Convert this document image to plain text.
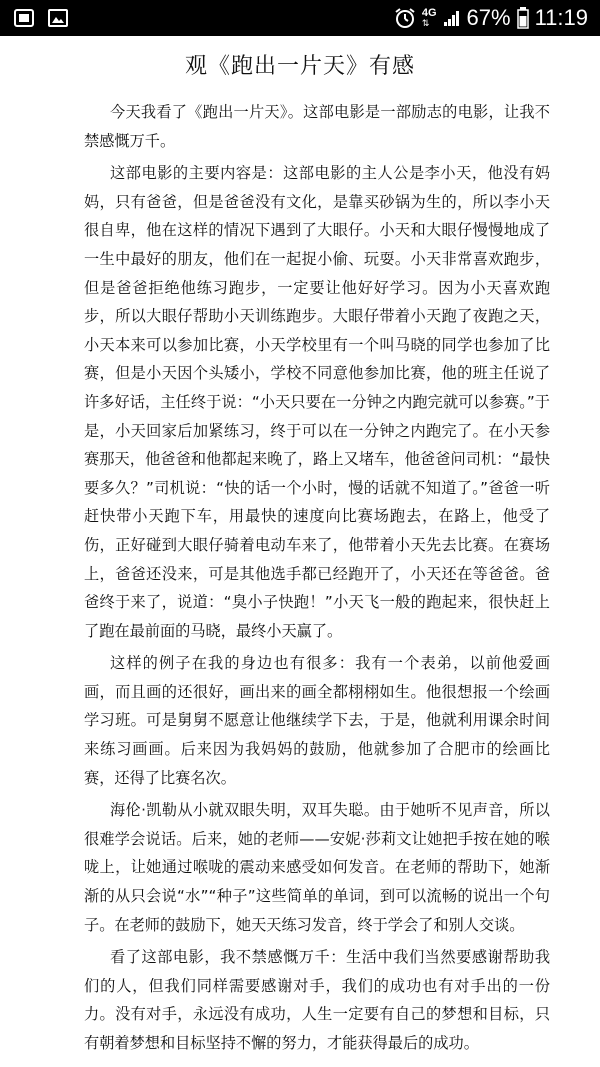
4G
⇅ 67% 11:19
观《跑出一片天》有感
今天我看了《跑出一片天》。这部电影是一部励志的电影，让我不禁感慨万千。
这部电影的主要内容是：这部电影的主人公是李小天，他没有妈妈，只有爸爸，但是爸爸没有文化，是靠买砂锅为生的，所以李小天很自卑，他在这样的情况下遇到了大眼仔。小天和大眼仔慢慢地成了一生中最好的朋友，他们在一起捉小偷、玩耍。小天非常喜欢跑步，但是爸爸拒绝他练习跑步，一定要让他好好学习。因为小天喜欢跑步，所以大眼仔帮助小天训练跑步。大眼仔带着小天跑了夜跑之天，小天本来可以参加比赛，小天学校里有一个叫马晓的同学也参加了比赛，但是小天因个头矮小，学校不同意他参加比赛，他的班主任说了许多好话，主任终于说：“小天只要在一分钟之内跑完就可以参赛。”于是，小天回家后加紧练习，终于可以在一分钟之内跑完了。在小天参赛那天，他爸爸和他都起来晚了，路上又堵车，他爸爸问司机：“最快要多久？”司机说：“快的话一个小时，慢的话就不知道了。”爸爸一听赶快带小天跑下车，用最快的速度向比赛场跑去，在路上，他受了伤，正好碰到大眼仔骑着电动车来了，他带着小天先去比赛。在赛场上，爸爸还没来，可是其他选手都已经跑开了，小天还在等爸爸。爸爸终于来了，说道：“臭小子快跑！”小天飞一般的跑起来，很快赶上了跑在最前面的马晓，最终小天赢了。
这样的例子在我的身边也有很多：我有一个表弟，以前他爱画画，而且画的还很好，画出来的画全都栩栩如生。他很想报一个绘画学习班。可是舅舅不愿意让他继续学下去，于是，他就利用课余时间来练习画画。后来因为我妈妈的鼓励，他就参加了合肥市的绘画比赛，还得了比赛名次。
海伦·凯勒从小就双眼失明，双耳失聪。由于她听不见声音，所以很难学会说话。后来，她的老师——安妮·莎莉文让她把手按在她的喉咙上，让她通过喉咙的震动来感受如何发音。在老师的帮助下，她渐渐的从只会说“水”“种子”这些简单的单词，到可以流畅的说出一个句子。在老师的鼓励下，她天天练习发音，终于学会了和别人交谈。
看了这部电影，我不禁感慨万千：生活中我们当然要感谢帮助我们的人，但我们同样需要感谢对手，我们的成功也有对手出的一份力。没有对手，永远没有成功，人生一定要有自己的梦想和目标，只有朝着梦想和目标坚持不懈的努力，才能获得最后的成功。
